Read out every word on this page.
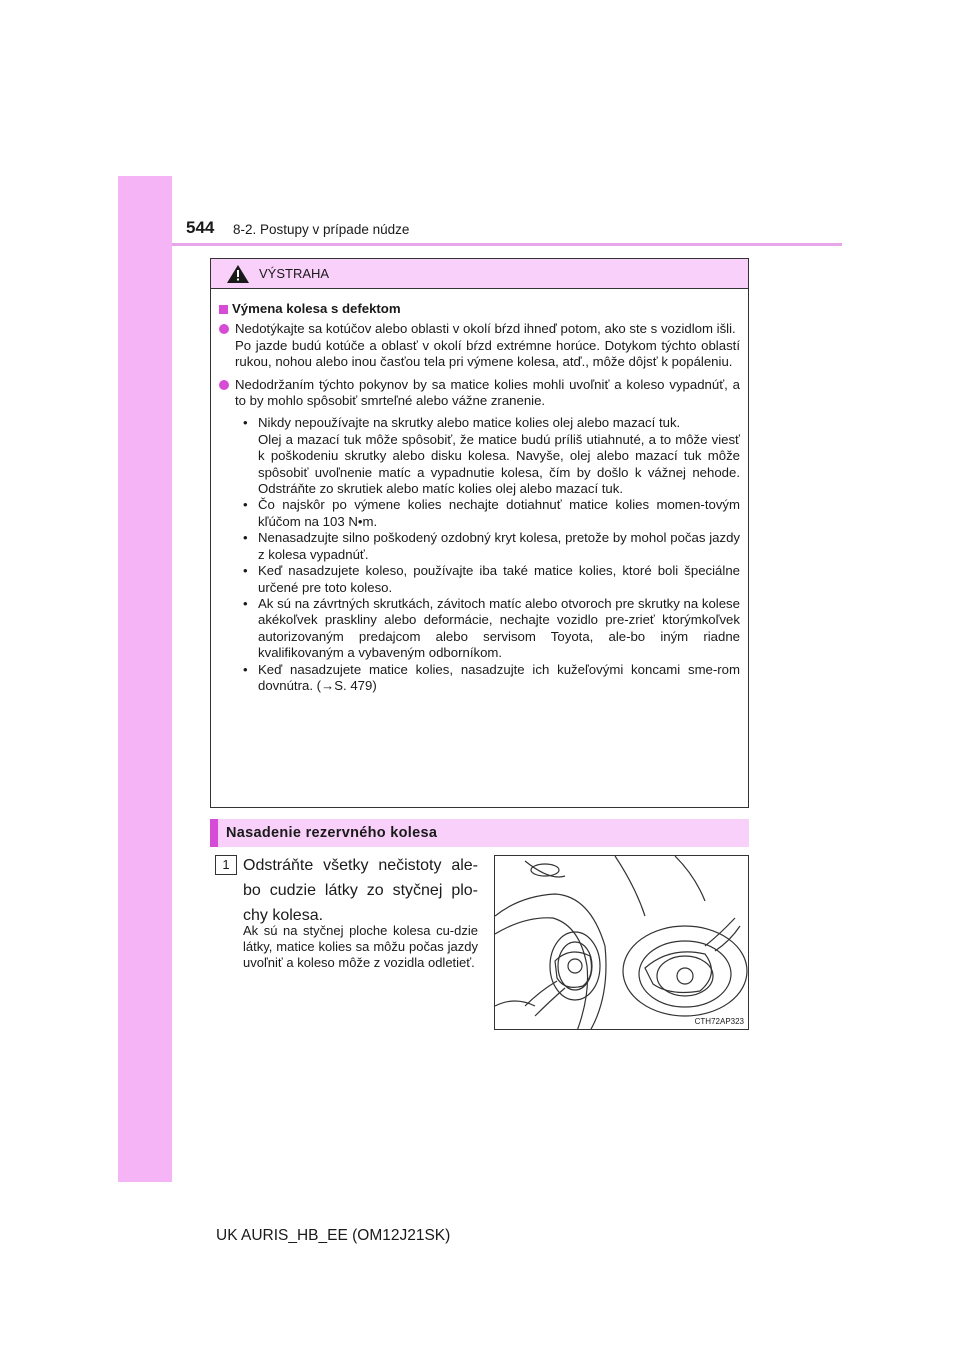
544 8-2. Postupy v prípade núdze
VÝSTRAHA
Výmena kolesa s defektom
Nedotýkajte sa kotúčov alebo oblasti v okolí bŕzd ihneď potom, ako ste s vozidlom išli.
Po jazde budú kotúče a oblasť v okolí bŕzd extrémne horúce. Dotykom týchto oblastí rukou, nohou alebo inou časťou tela pri výmene kolesa, atď., môže dôjsť k popáleniu.
Nedodržaním týchto pokynov by sa matice kolies mohli uvoľniť a koleso vypadnúť, a to by mohlo spôsobiť smrteľné alebo vážne zranenie.
• Nikdy nepoužívajte na skrutky alebo matice kolies olej alebo mazací tuk.
Olej a mazací tuk môže spôsobiť, že matice budú príliš utiahnuté, a to môže viesť k poškodeniu skrutky alebo disku kolesa. Navyše, olej alebo mazací tuk môže spôsobiť uvoľnenie matíc a vypadnutie kolesa, čím by došlo k vážnej nehode. Odstráňte zo skrutiek alebo matíc kolies olej alebo mazací tuk.
• Čo najskôr po výmene kolies nechajte dotiahnuť matice kolies momen-tovým kľúčom na 103 N•m.
• Nenasadzujte silno poškodený ozdobný kryt kolesa, pretože by mohol počas jazdy z kolesa vypadnúť.
• Keď nasadzujete koleso, používajte iba také matice kolies, ktoré boli špeciálne určené pre toto koleso.
• Ak sú na závrtných skrutkách, závitoch matíc alebo otvoroch pre skrutky na kolese akékoľvek praskliny alebo deformácie, nechajte vozidlo pre-zrieť ktorýmkoľvek autorizovaným predajcom alebo servisom Toyota, ale-bo iným riadne kvalifikovaným a vybaveným odborníkom.
• Keď nasadzujete matice kolies, nasadzujte ich kužeľovými koncami sme-rom dovnútra. (→S. 479)
Nasadenie rezervného kolesa
1 Odstráňte všetky nečistoty ale-bo cudzie látky zo styčnej plo-chy kolesa.
Ak sú na styčnej ploche kolesa cu-dzie látky, matice kolies sa môžu počas jazdy uvoľniť a koleso môže z vozidla odletieť.
CTH72AP323
UK AURIS_HB_EE (OM12J21SK)
